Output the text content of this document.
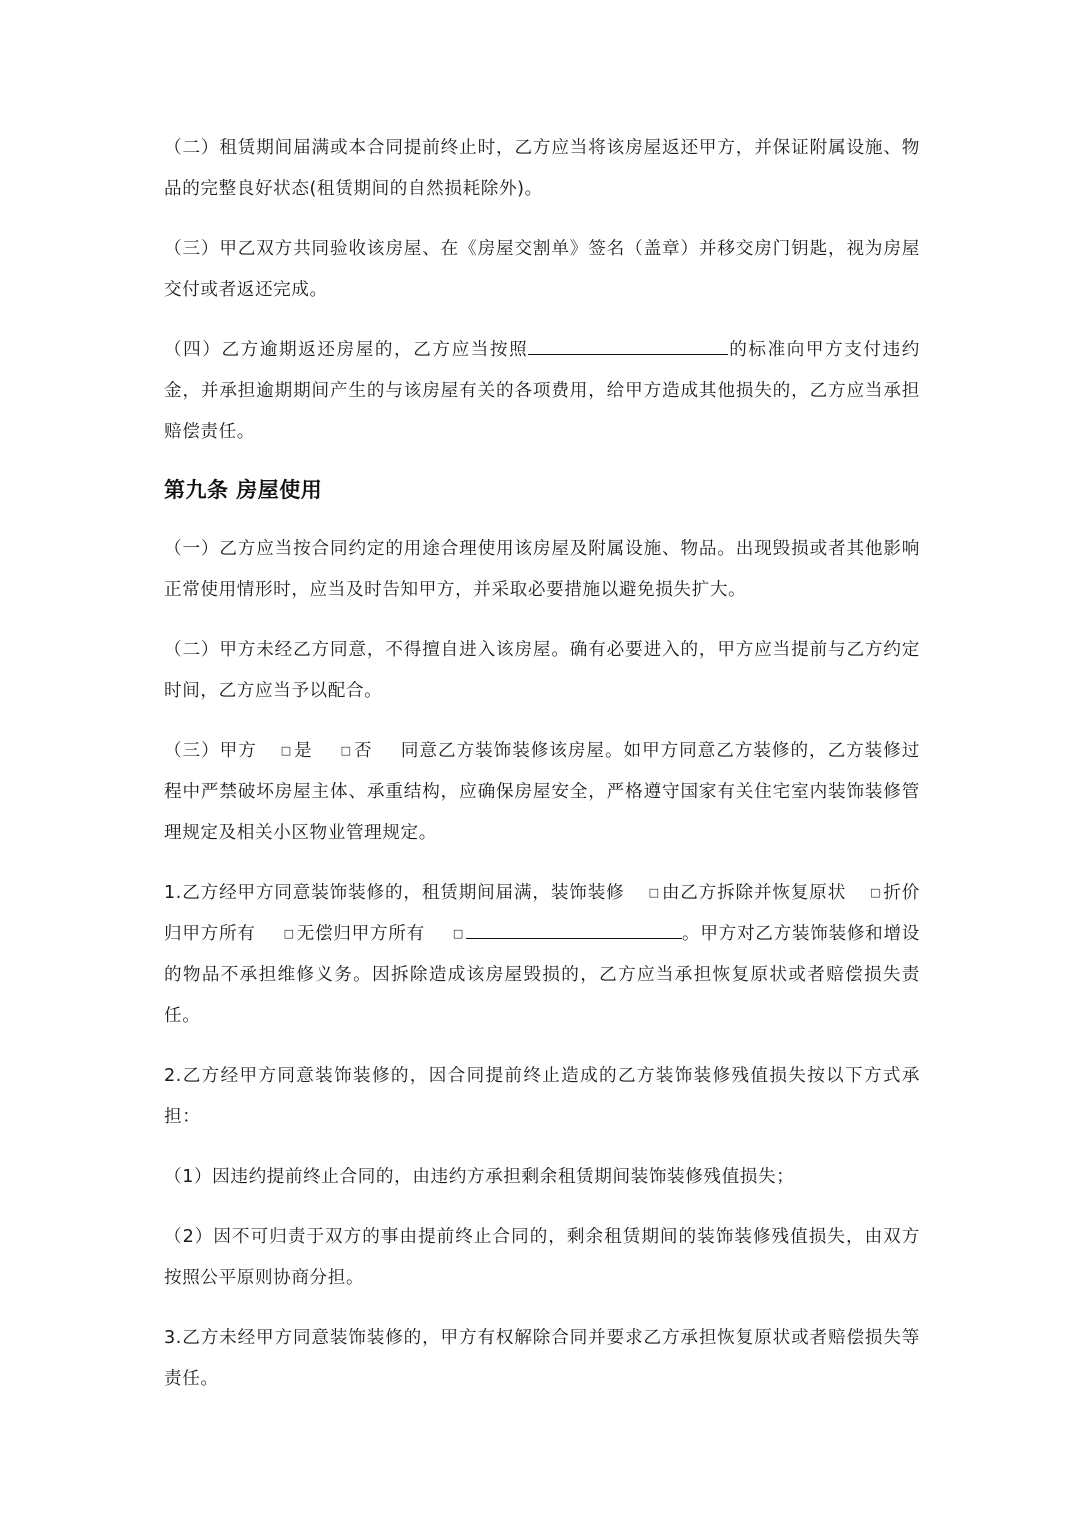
（二）租赁期间届满或本合同提前终止时，乙方应当将该房屋返还甲方，并保证附属设施、物品的完整良好状态(租赁期间的自然损耗除外)。

（三）甲乙双方共同验收该房屋、在《房屋交割单》签名（盖章）并移交房门钥匙，视为房屋交付或者返还完成。

（四）乙方逾期返还房屋的，乙方应当按照	的标准向甲方支付违约金，并承担逾期期间产生的与该房屋有关的各项费用，给甲方造成其他损失的，乙方应当承担赔偿责任。

第九条 房屋使用

（一）乙方应当按合同约定的用途合理使用该房屋及附属设施、物品。出现毁损或者其他影响正常使用情形时，应当及时告知甲方，并采取必要措施以避免损失扩大。

（二）甲方未经乙方同意，不得擅自进入该房屋。确有必要进入的，甲方应当提前与乙方约定时间，乙方应当予以配合。

（三）甲方 □ 是	□ 否 同意乙方装饰装修该房屋。如甲方同意乙方装修的，乙方装修过程中严禁破坏房屋主体、承重结构，应确保房屋安全，严格遵守国家有关住宅室内装饰装修管理规定及相关小区物业管理规定。

1.乙方经甲方同意装饰装修的，租赁期间届满，装饰装修 □ 由乙方拆除并恢复原状 □ 折价归甲方所有	□ 无偿归甲方所有	□	。甲方对乙方装饰装修和增设的物品不承担维修义务。因拆除造成该房屋毁损的，乙方应当承担恢复原状或者赔偿损失责任。

2.乙方经甲方同意装饰装修的，因合同提前终止造成的乙方装饰装修残值损失按以下方式承担：

（1）因违约提前终止合同的，由违约方承担剩余租赁期间装饰装修残值损失；

（2）因不可归责于双方的事由提前终止合同的，剩余租赁期间的装饰装修残值损失，由双方按照公平原则协商分担。

3.乙方未经甲方同意装饰装修的，甲方有权解除合同并要求乙方承担恢复原状或者赔偿损失等责任。
